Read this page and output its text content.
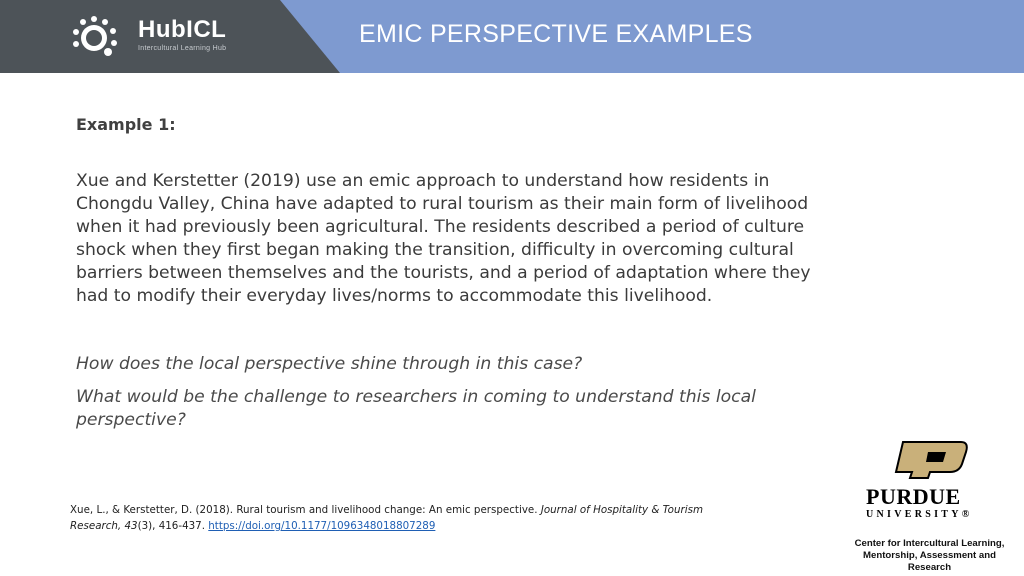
HubICL
Intercultural Learning Hub
EMIC PERSPECTIVE EXAMPLES
Example 1:
Xue and Kerstetter (2019) use an emic approach to understand how residents in Chongdu Valley, China have adapted to rural tourism as their main form of livelihood when it had previously been agricultural. The residents described a period of culture shock when they first began making the transition, difficulty in overcoming cultural barriers between themselves and the tourists, and a period of adaptation where they had to modify their everyday lives/norms to accommodate this livelihood.
How does the local perspective shine through in this case?
What would be the challenge to researchers in coming to understand this local perspective?
Xue, L., & Kerstetter, D. (2018). Rural tourism and livelihood change: An emic perspective. Journal of Hospitality & Tourism Research, 43(3), 416-437. https://doi.org/10.1177/1096348018807289
PURDUE
UNIVERSITY®
Center for Intercultural Learning,
Mentorship, Assessment and Research
